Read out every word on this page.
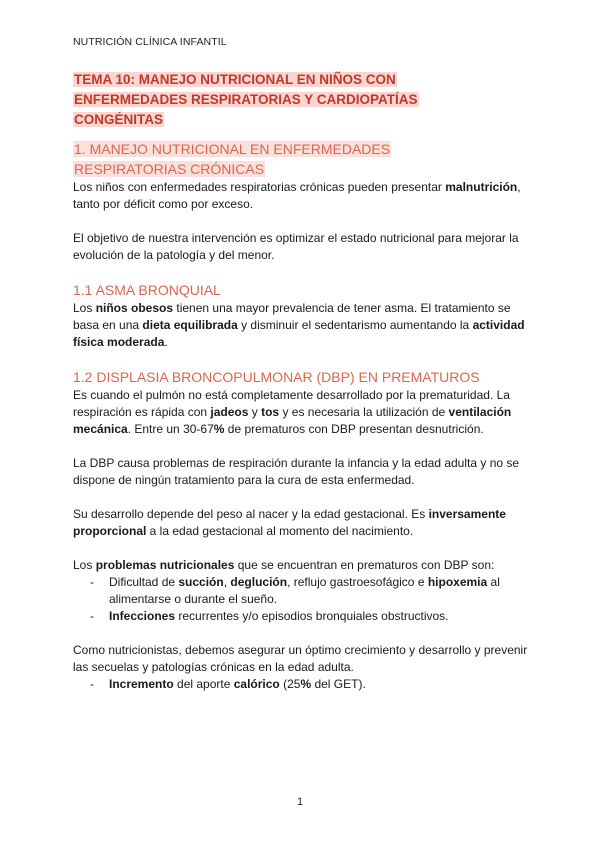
NUTRICIÓN CLÍNICA INFANTIL
TEMA 10: MANEJO NUTRICIONAL EN NIÑOS CON
ENFERMEDADES RESPIRATORIAS Y CARDIOPATÍAS
CONGÉNITAS
1. MANEJO NUTRICIONAL EN ENFERMEDADES
RESPIRATORIAS CRÓNICAS

Los niños con enfermedades respiratorias crónicas pueden presentar malnutrición, tanto por déficit como por exceso.

El objetivo de nuestra intervención es optimizar el estado nutricional para mejorar la evolución de la patología y del menor.

1.1 ASMA BRONQUIAL

Los niños obesos tienen una mayor prevalencia de tener asma. El tratamiento se basa en una dieta equilibrada y disminuir el sedentarismo aumentando la actividad física moderada.

1.2 DISPLASIA BRONCOPULMONAR (DBP) EN PREMATUROS

Es cuando el pulmón no está completamente desarrollado por la prematuridad. La respiración es rápida con jadeos y tos y es necesaria la utilización de ventilación mecánica. Entre un 30-67% de prematuros con DBP presentan desnutrición.

La DBP causa problemas de respiración durante la infancia y la edad adulta y no se dispone de ningún tratamiento para la cura de esta enfermedad.

Su desarrollo depende del peso al nacer y la edad gestacional. Es inversamente proporcional a la edad gestacional al momento del nacimiento.

Los problemas nutricionales que se encuentran en prematuros con DBP son:

- Dificultad de succión, deglución, reflujo gastroesofágico e hipoxemia al alimentarse o durante el sueño.
- Infecciones recurrentes y/o episodios bronquiales obstructivos.

Como nutricionistas, debemos asegurar un óptimo crecimiento y desarrollo y prevenir las secuelas y patologías crónicas en la edad adulta.

- Incremento del aporte calórico (25% del GET).
1
